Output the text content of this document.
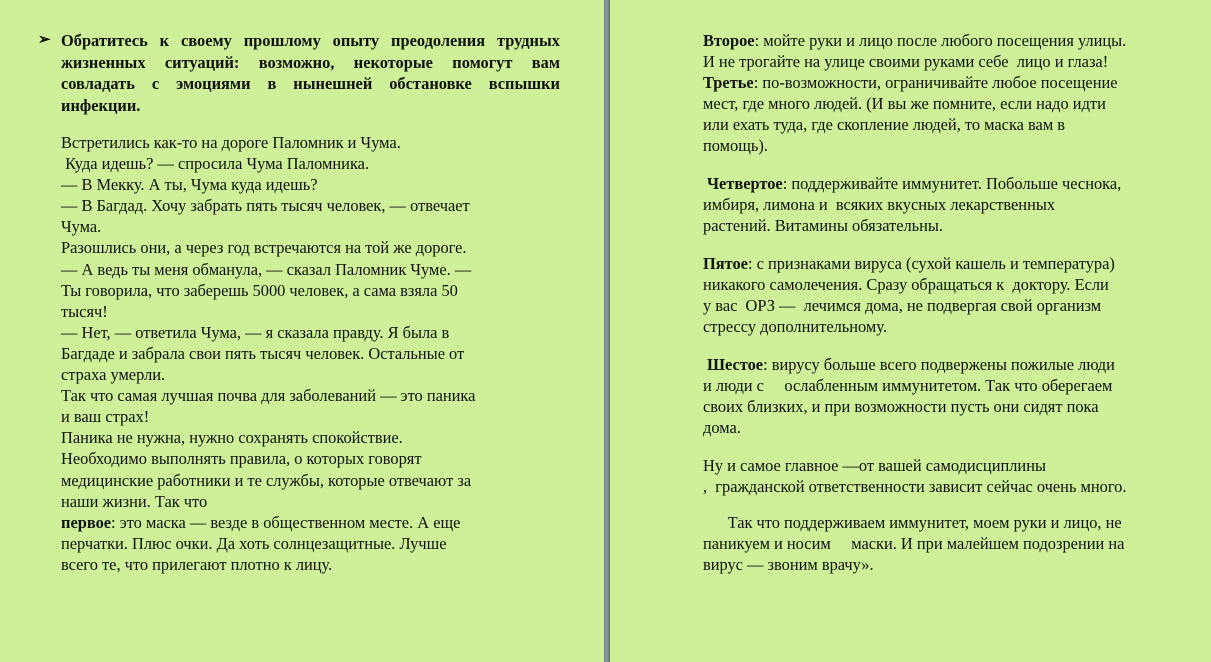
➢ Обратитесь к своему прошлому опыту преодоления трудных жизненных ситуаций: возможно, некоторые помогут вам совладать с эмоциями в нынешней обстановке вспышки инфекции.
Встретились как-то на дороге Паломник и Чума.
Куда идешь? — спросила Чума Паломника.
— В Мекку. А ты, Чума куда идешь?
— В Багдад. Хочу забрать пять тысяч человек, — отвечает
Чума.
Разошлись они, а через год встречаются на той же дороге.
— А ведь ты меня обманула, — сказал Паломник Чуме. —
Ты говорила, что заберешь 5000 человек, а сама взяла 50
тысяч!
— Нет, — ответила Чума, — я сказала правду. Я была в
Багдаде и забрала свои пять тысяч человек. Остальные от
страха умерли.
Так что самая лучшая почва для заболеваний — это паника
и ваш страх!
Паника не нужна, нужно сохранять спокойствие.
Необходимо выполнять правила, о которых говорят
медицинские работники и те службы, которые отвечают за
наши жизни. Так что
первое: это маска — везде в общественном месте. А еще
перчатки. Плюс очки. Да хоть солнцезащитные. Лучше
всего те, что прилегают плотно к лицу.
Второе: мойте руки и лицо после любого посещения улицы.
И не трогайте на улице своими руками себе  лицо и глаза!
Третье: по-возможности, ограничивайте любое посещение
мест, где много людей. (И вы же помните, если надо идти
или ехать туда, где скопление людей, то маска вам в
помощь).
Четвертое: поддерживайте иммунитет. Побольше чеснока,
имбиря, лимона и  всяких вкусных лекарственных
растений. Витамины обязательны.
Пятое: с признаками вируса (сухой кашель и температура)
никакого самолечения. Сразу обращаться к  доктору. Если
у вас  ОРЗ —  лечимся дома, не подвергая свой организм
стрессу дополнительному.
Шестое: вирусу больше всего подвержены пожилые люди
и люди с     ослабленным иммунитетом. Так что оберегаем
своих близких, и при возможности пусть они сидят пока
дома.
Ну и самое главное —от вашей самодисциплины
,  гражданской ответственности зависит сейчас очень много.
Так что поддерживаем иммунитет, моем руки и лицо, не
паникуем и носим     маски. И при малейшем подозрении на
вирус — звоним врачу».
